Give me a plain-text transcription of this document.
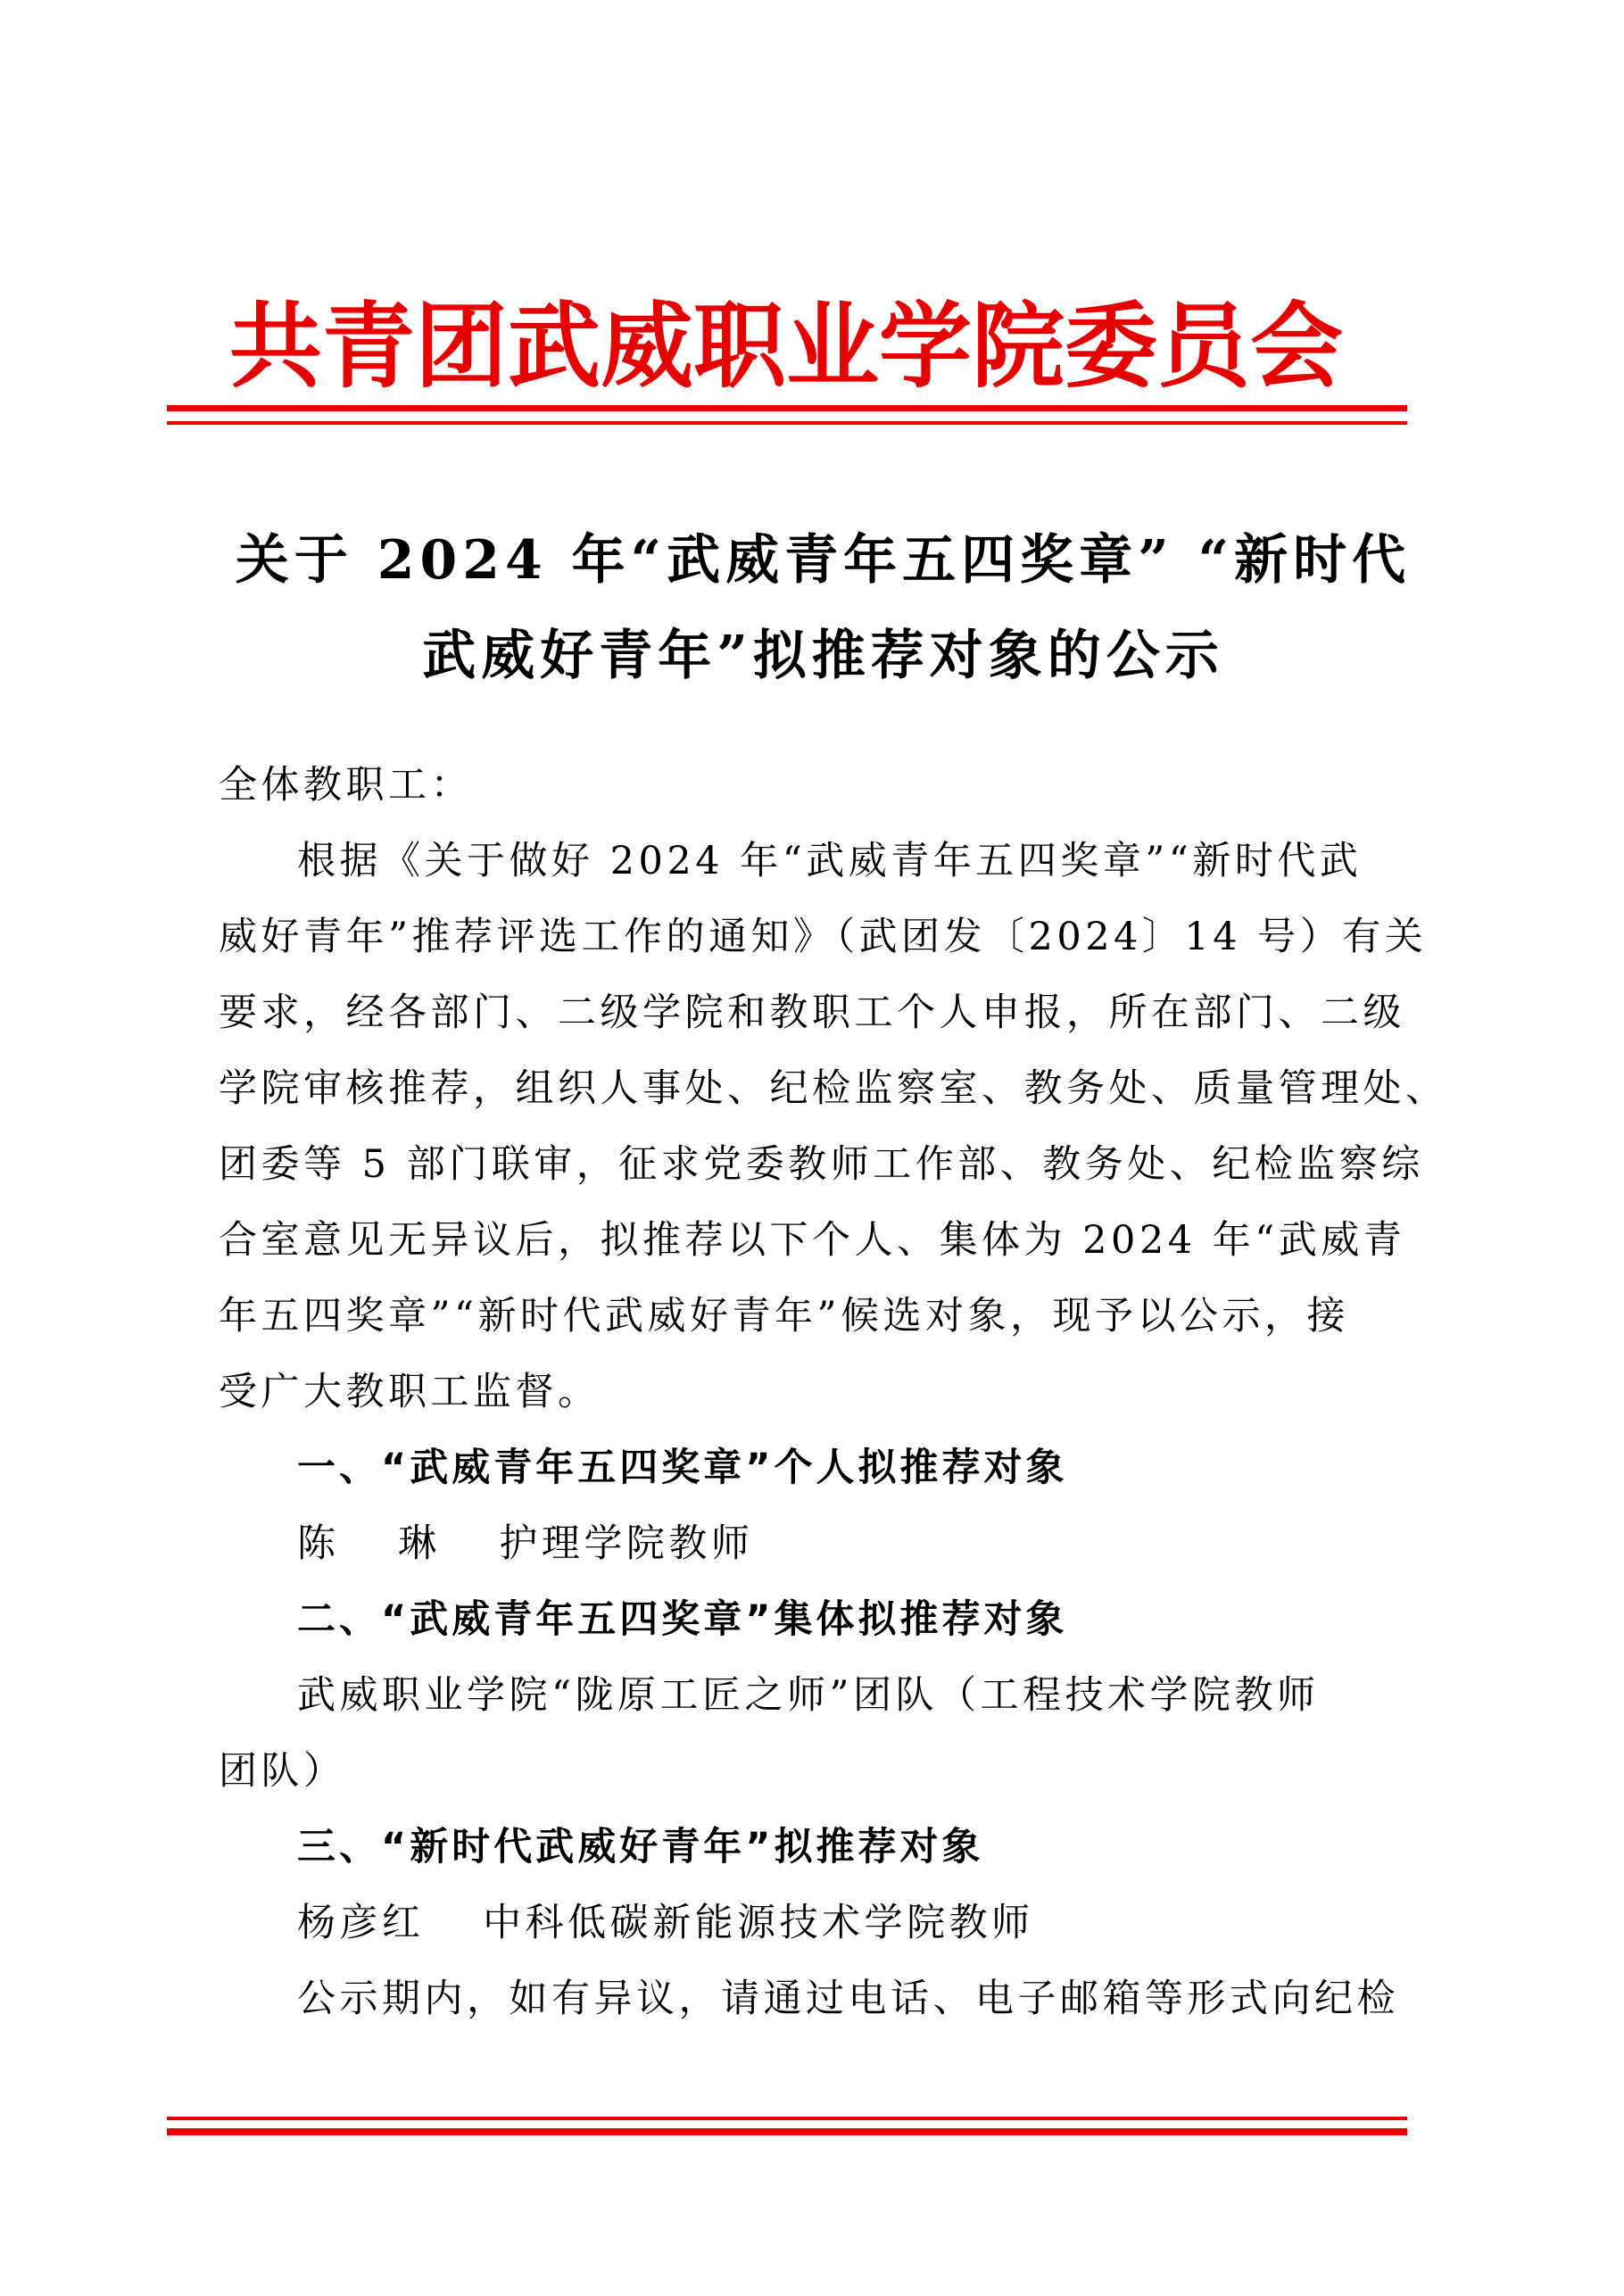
共青团武威职业学院委员会
关于 2024 年“武威青年五四奖章” “新时代
武威好青年”拟推荐对象的公示
全体教职工：
根据《关于做好 2024 年“武威青年五四奖章”“新时代武
威好青年”推荐评选工作的通知》（武团发〔2024〕14 号）有关
要求，经各部门、二级学院和教职工个人申报，所在部门、二级
学院审核推荐，组织人事处、纪检监察室、教务处、质量管理处、
团委等 5 部门联审，征求党委教师工作部、教务处、纪检监察综
合室意见无异议后，拟推荐以下个人、集体为 2024 年“武威青
年五四奖章”“新时代武威好青年”候选对象，现予以公示，接
受广大教职工监督。
一、“武威青年五四奖章”个人拟推荐对象
陈　 琳　 护理学院教师
二、“武威青年五四奖章”集体拟推荐对象
武威职业学院“陇原工匠之师”团队（工程技术学院教师
团队）
三、“新时代武威好青年”拟推荐对象
杨彦红　 中科低碳新能源技术学院教师
公示期内，如有异议，请通过电话、电子邮箱等形式向纪检
